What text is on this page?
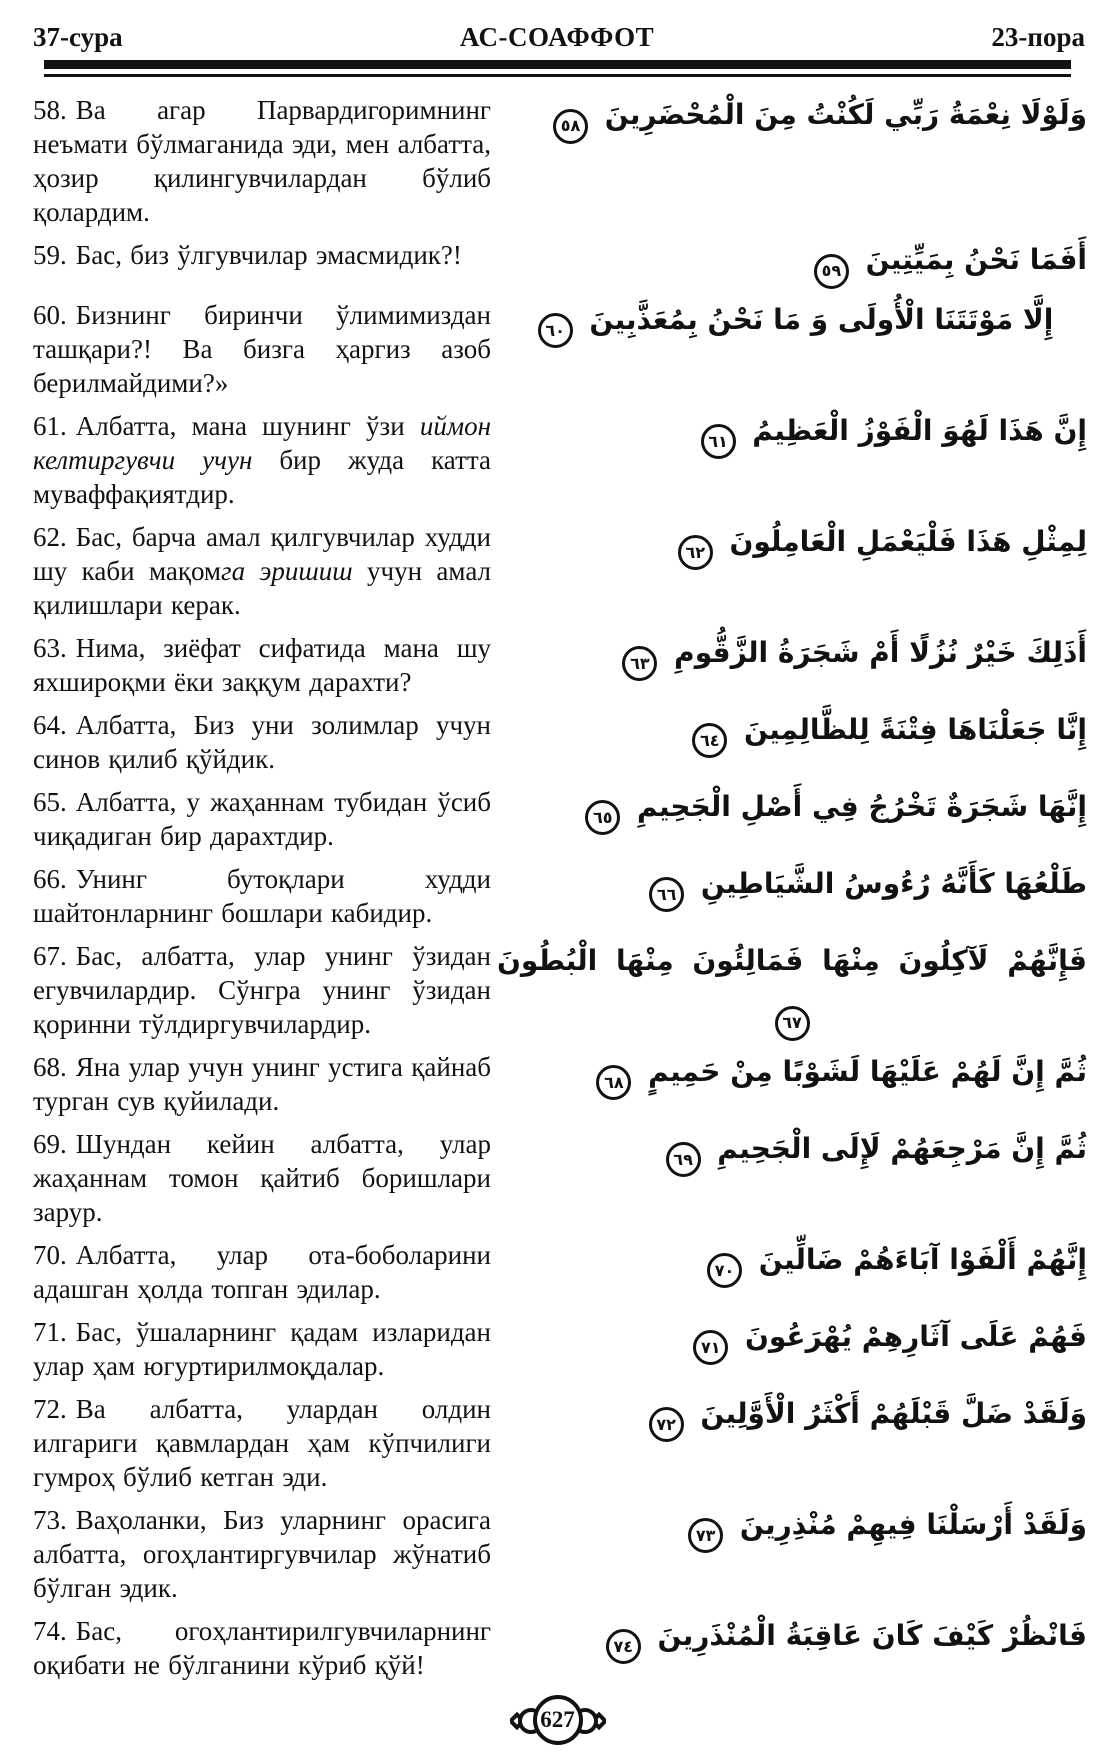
37-сура	АС-СОАФФОТ	23-пора

58. Ва агар Парвардигоримнинг неъмати бўлмаганида эди, мен албатта, ҳозир қилингувчилардан бўлиб қолардим.

وَلَوْلَا نِعْمَةُ رَبِّي لَكُنْتُ مِنَ الْمُحْضَرِينَ ٥٨

59. Бас, биз ўлгувчилар эмасмидик?!	أَفَمَا نَحْنُ بِمَيِّتِينَ ٥٩

60. Бизнинг биринчи ўлимимиздан ташқари?! Ва бизга ҳаргиз азоб берилмайдими?»

إِلَّا مَوْتَتَنَا الْأُولَى وَ مَا نَحْنُ بِمُعَذَّبِينَ ٦٠

61. Албатта, мана шунинг ўзи иймон келтиргувчи учун бир жуда катта муваффақиятдир.

إِنَّ هَذَا لَهُوَ الْفَوْزُ الْعَظِيمُ ٦١

62. Бас, барча амал қилгувчилар худди шу каби мақомга эришиш учун амал қилишлари керак.

لِمِثْلِ هَذَا فَلْيَعْمَلِ الْعَامِلُونَ ٦٢

63. Нима, зиёфат сифатида мана шу яхшироқми ёки заққум дарахти?

أَذَلِكَ خَيْرٌ نُزُلًا أَمْ شَجَرَةُ الزَّقُّومِ ٦٣

64. Албатта, Биз уни золимлар учун синов қилиб қўйдик.

إِنَّا جَعَلْنَاهَا فِتْنَةً لِلظَّالِمِينَ ٦٤

65. Албатта, у жаҳаннам тубидан ўсиб чиқадиган бир дарахтдир.

إِنَّهَا شَجَرَةٌ تَخْرُجُ فِي أَصْلِ الْجَحِيمِ ٦٥

66. Унинг бутоқлари худди шайтонларнинг бошлари кабидир.

طَلْعُهَا كَأَنَّهُ رُءُوسُ الشَّيَاطِينِ ٦٦

67. Бас, албатта, улар унинг ўзидан егувчилардир. Сўнгра унинг ўзидан қоринни тўлдиргувчилардир.

فَإِنَّهُمْ لَآكِلُونَ مِنْهَا فَمَالِئُونَ مِنْهَا الْبُطُونَ ٦٧

68. Яна улар учун унинг устига қайнаб турган сув қуйилади.

ثُمَّ إِنَّ لَهُمْ عَلَيْهَا لَشَوْبًا مِنْ حَمِيمٍ ٦٨

69. Шундан кейин албатта, улар жаҳаннам томон қайтиб боришлари зарур.

ثُمَّ إِنَّ مَرْجِعَهُمْ لَإِلَى الْجَحِيمِ ٦٩

70. Албатта, улар ота-боболарини адашган ҳолда топган эдилар.

إِنَّهُمْ أَلْفَوْا آبَاءَهُمْ ضَالِّينَ ٧٠

71. Бас, ўшаларнинг қадам изларидан улар ҳам югуртирилмоқдалар.

فَهُمْ عَلَى آثَارِهِمْ يُهْرَعُونَ ٧١

72. Ва албатта, улардан олдин илгариги қавмлардан ҳам кўпчилиги гумроҳ бўлиб кетган эди.

وَلَقَدْ ضَلَّ قَبْلَهُمْ أَكْثَرُ الْأَوَّلِينَ ٧٢

73. Ваҳоланки, Биз уларнинг орасига албатта, огоҳлантиргувчилар жўнатиб бўлган эдик.

وَلَقَدْ أَرْسَلْنَا فِيهِمْ مُنْذِرِينَ ٧٣

74. Бас, огоҳлантирилгувчиларнинг оқибати не бўлганини кўриб қўй!

فَانْظُرْ كَيْفَ كَانَ عَاقِبَةُ الْمُنْذَرِينَ ٧٤
627
